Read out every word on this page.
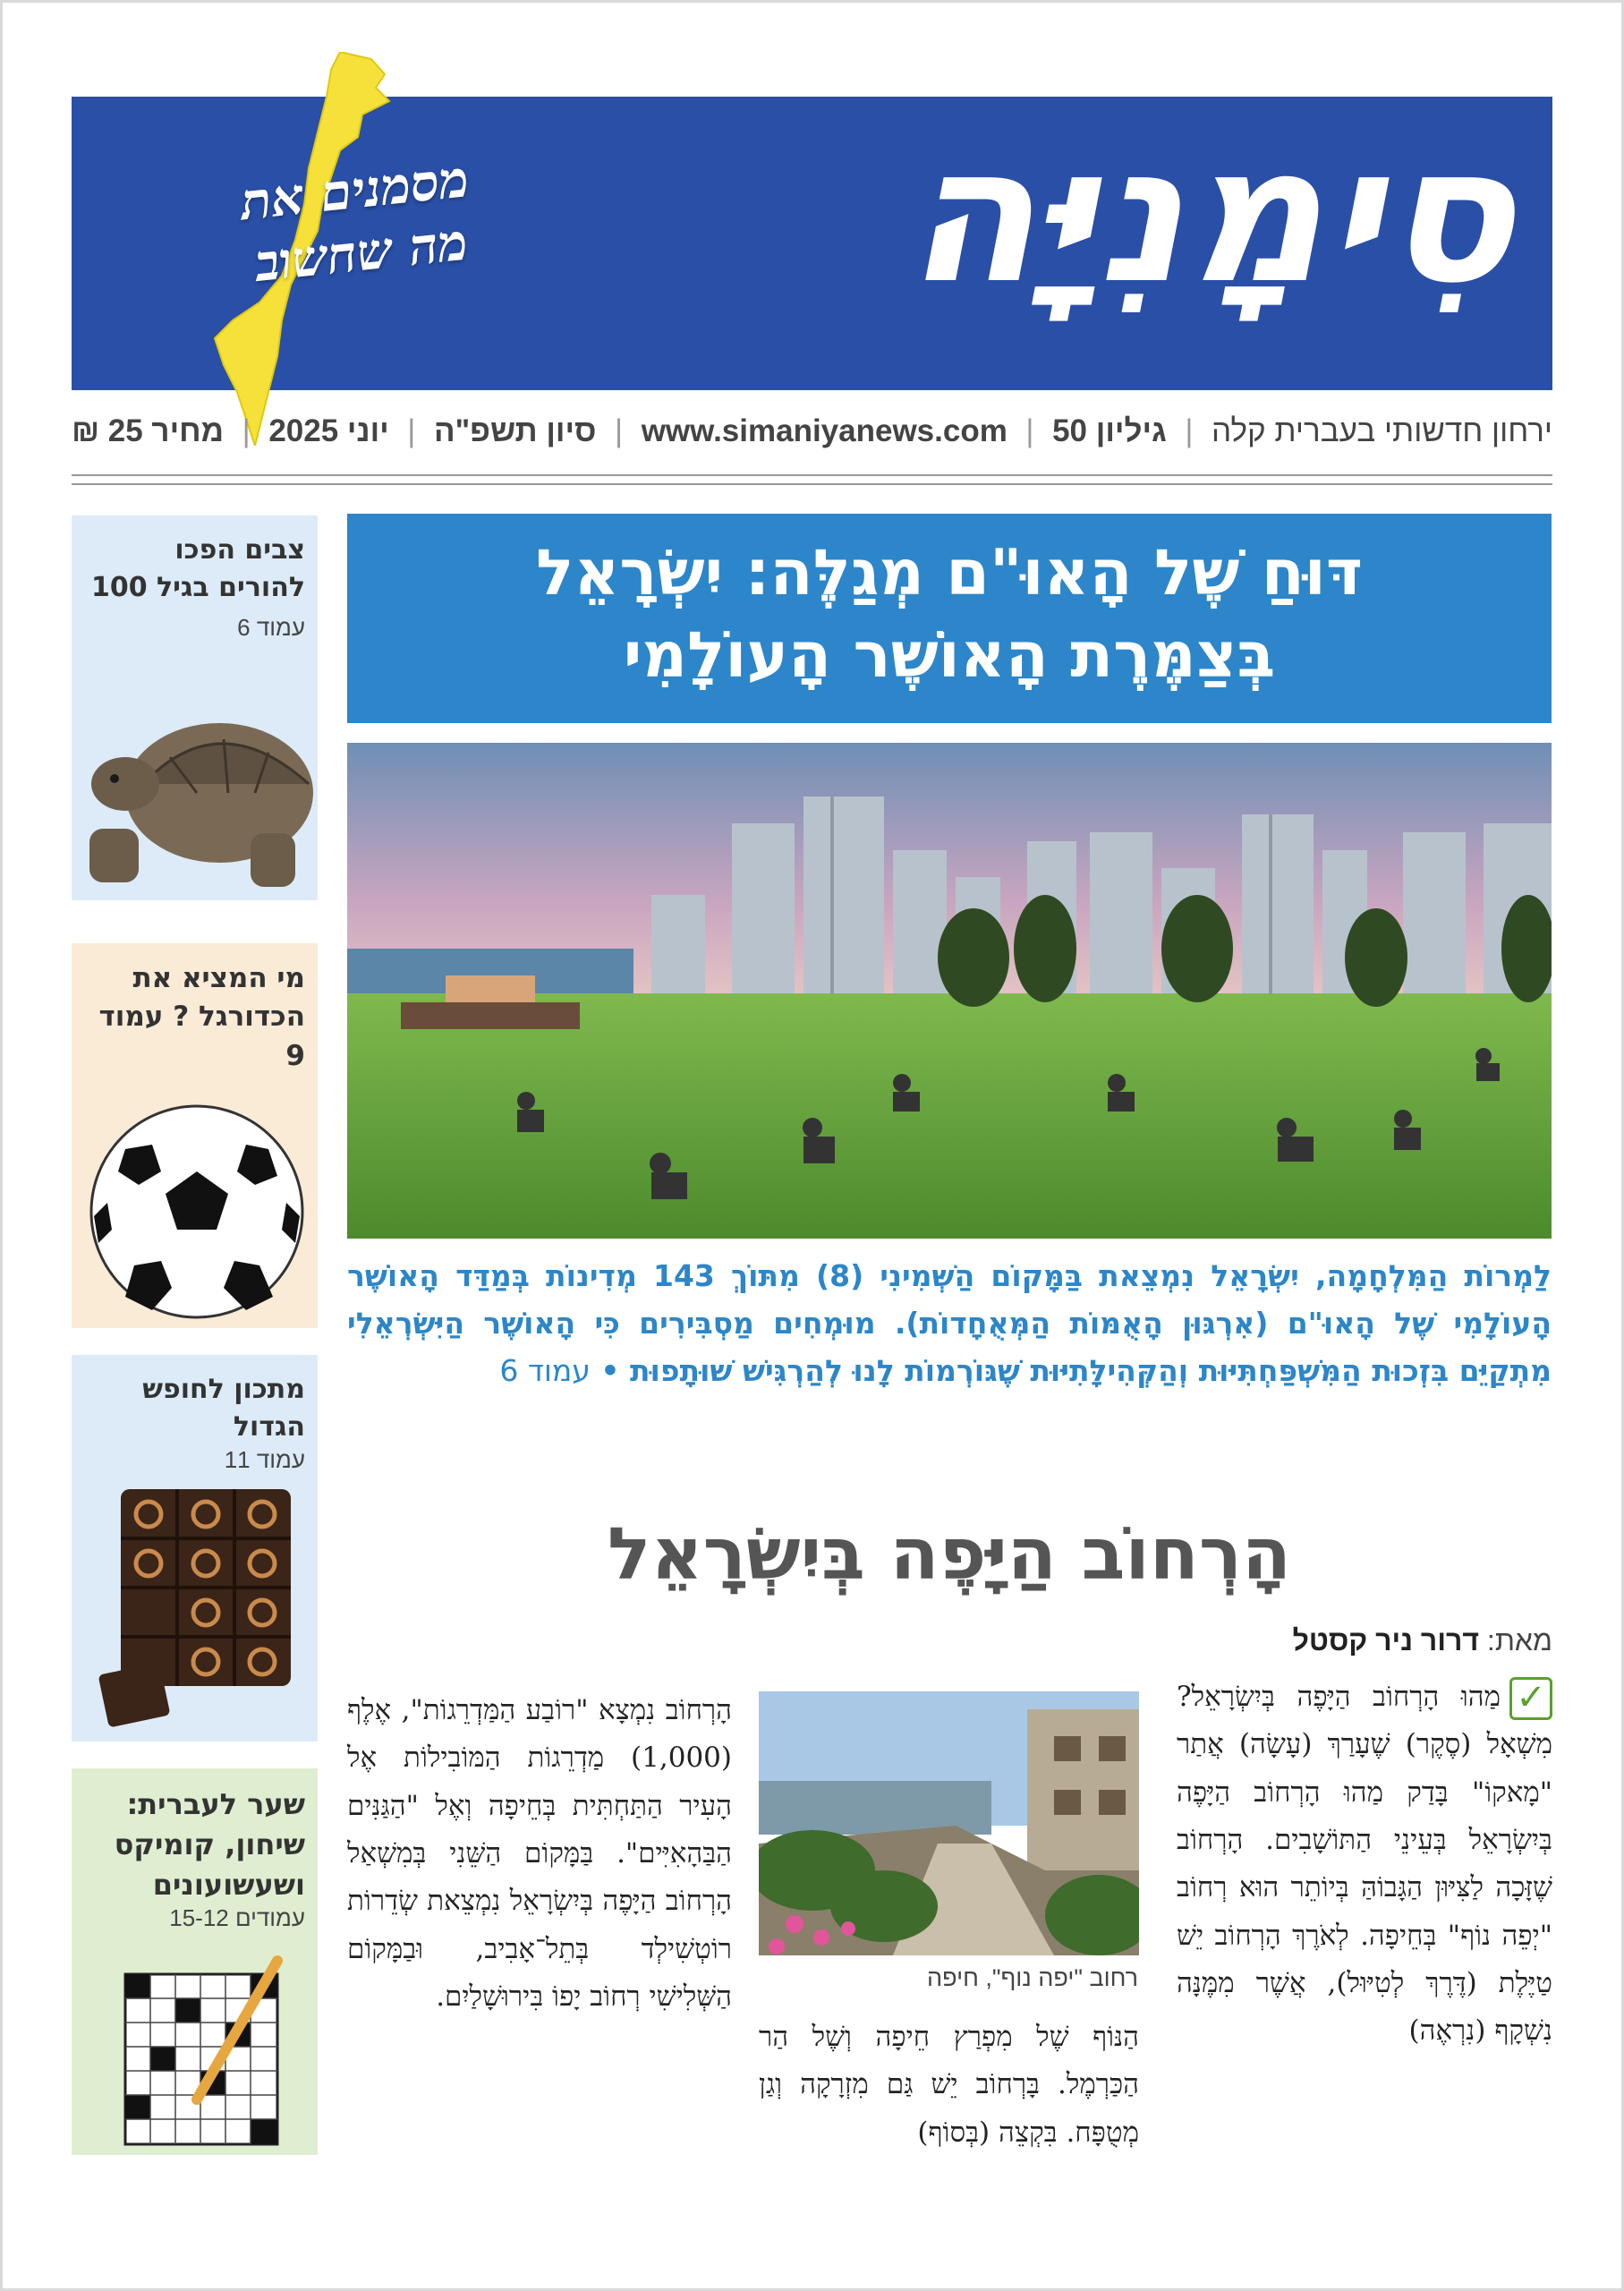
מסמנים את
מה שחשוב	סִימָנִיָּה
ירחון חדשותי בעברית קלה
|
גיליון 50
|
www.simaniyanews.com
|
סיון תשפ"ה
|
יוני 2025
|
מחיר 25 ₪
צבים הפכו להורים בגיל 100
עמוד 6
מי המציא את הכדורגל ? עמוד 9
מתכון לחופש הגדול
עמוד 11
שער לעברית: שיחון, קומיקס ושעשועונים
עמודים 15-12
דּוּחַ שֶׁל הָאוּ"ם מְגַלֶּה: יִשְׂרָאֵל
בְּצַמֶּרֶת הָאוֹשֶׁר הָעוֹלָמִי
לַמְרוֹת הַמִּלְחָמָה, יִשְׂרָאֵל נִמְצֵאת בַּמָּקוֹם הַשְּׁמִינִי (8) מִתּוֹךְ 143 מְדִינוֹת בְּמַדַּד הָאוֹשֶׁר הָעוֹלָמִי שֶׁל הָאוּ"ם (אִרְגּוּן הָאֻמּוֹת הַמְּאֻחָדוֹת). מוּמְחִים מַסְבִּירִים כִּי הָאוֹשֶׁר הַיִּשְׂרְאֵלִי מִתְקַיֵּם בִּזְכוּת הַמִּשְׁפַּחְתִּיּוּת וְהַקְּהִילָּתִיּוּת שֶׁגּוֹרְמוֹת לָנוּ לְהַרְגִּישׁ שׁוּתָפוּת • עמוד 6
הָרְחוֹב הַיָּפֶה בְּיִשְׂרָאֵל
מאת: דרור ניר קסטל
✓מַהוּ הָרְחוֹב הַיָּפֶה בְּיִשְׂרָאֵל? מִשְׁאָל (סֶקֶר) שֶׁעָרַךְ (עָשָׂה) אֲתַר "מָאקוֹ" בָּדַק מַהוּ הָרְחוֹב הַיָּפֶה בְּיִשְׂרָאֵל בְּעֵינֵי הַתּוֹשָׁבִים. הָרְחוֹב שֶׁזָּכָה לַצִּיּוּן הַגָּבוֹהַּ בְּיוֹתֵר הוּא רְחוֹב "יְפֵה נוֹף" בְּחֵיפָה. לְאֹרֶךְ הָרְחוֹב יֵשׁ טַיֶּלֶת (דֶּרֶךְ לְטִיּוּל), אֲשֶׁר מִמֶּנָּה נִשְׁקָף (נִרְאֶה)
רחוב "יפה נוף", חיפה
הַנּוֹף שֶׁל מִפְרַץ חֵיפָה וְשֶׁל הַר הַכַּרְמֶל. בָּרְחוֹב יֵשׁ גַּם מִזְרָקָה וְגַן מְטֻפָּח. בִּקְצֵה (בְּסוֹף)
הָרְחוֹב נִמְצָא "רוֹבַע הַמַּדְרֵגוֹת", אֶלֶף (1,000) מַדְרֵגוֹת הַמּוֹבִילוֹת אֶל הָעִיר הַתַּחְתִּית בְּחֵיפָה וְאֶל "הַגַּנִּים הַבַּהָאִיִּים". בַּמָּקוֹם הַשֵּׁנִי בְּמִשְׁאַל הָרְחוֹב הַיָּפֶה בְּיִשְׂרָאֵל נִמְצֵאת שְׂדֵרוֹת רוֹטְשִׁילְד בְּתֵל־אָבִיב, וּבַמָּקוֹם הַשְּׁלִישִׁי רְחוֹב יָפוֹ בִּירוּשָׁלַיִם.
